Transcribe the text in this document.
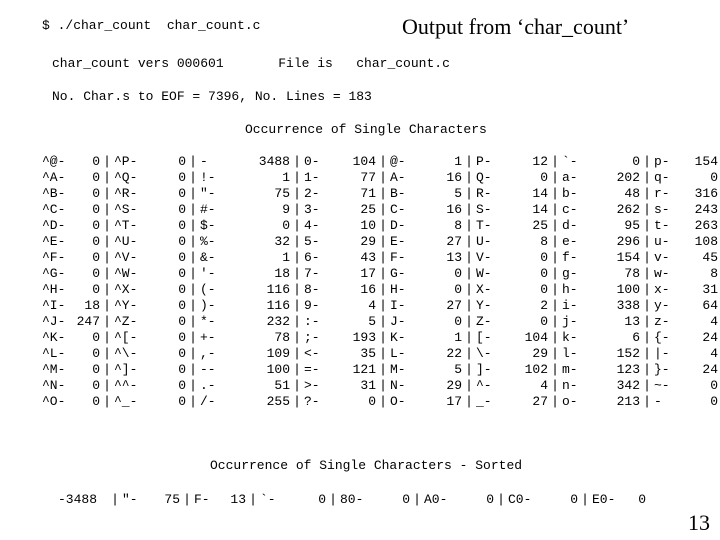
Output from ‘char_count’
$ ./char_count  char_count.c
char_count vers 000601       File is   char_count.c
No. Char.s to EOF = 7396, No. Lines = 183
Occurrence of Single Characters
^@- 0 | ^P-	0 | -	3488 | 0-	104 | @-	1 | P-	12 | `-	0 | p- 154
^A- 0 | ^Q-	0 | !-	1 | 1-	77 | A-	16 | Q-	0 | a-	202 | q-	0
^B- 0 | ^R-	0 | "-	75 | 2-	71 | B-	5 | R-	14 | b-	48 | r- 316
^C- 0 | ^S-	0 | #-	9 | 3-	25 | C-	16 | S-	14 | c-	262 | s- 243
^D- 0 | ^T-	0 | $-	0 | 4-	10 | D-	8 | T-	25 | d-	95 | t- 263
^E- 0 | ^U-	0 | %-	32 | 5-	29 | E-	27 | U-	8 | e-	296 | u- 108
^F- 0 | ^V-	0 | &-	1 | 6-	43 | F-	13 | V-	0 | f-	154 | v-	45
^G- 0 | ^W-	0 | '-	18 | 7-	17 | G-	0 | W-	0 | g-	78 | w-	8
^H- 0 | ^X-	0 | (-	116 | 8-	16 | H-	0 | X-	0 | h-	100 | x-	31
^I- 18 | ^Y-	0 | )-	116 | 9-	4 | I-	27 | Y-	2 | i-	338 | y-	64
^J- 247 | ^Z-	0 | *-	232 | :-	5 | J-	0 | Z-	0 | j-	13 | z-	4
^K- 0 | ^[-	0 | +-	78 | ;-	193 | K-	1 | [-	104 | k-	6 | {-	24
^L- 0 | ^\-	0 | ,-	109 | <-	35 | L-	22 | \-	29 | l-	152 | |-	4
^M- 0 | ^]-	0 | --	100 | =-	121 | M-	5 | ]-	102 | m-	123 | }-	24
^N- 0 | ^^-	0 | .-	51 | >-	31 | N-	29 | ^-	4 | n-	342 | ~-	0
^O- 0 | ^_-	0 | /-	255 | ?-	0 | O-	17 | _-	27 | o-	213 | -	0
Occurrence of Single Characters - Sorted
-3488 | "- 75 | F- 13 | `-	0 | 80-	0 | A0-	0 | C0-	0 | E0- 0
13
